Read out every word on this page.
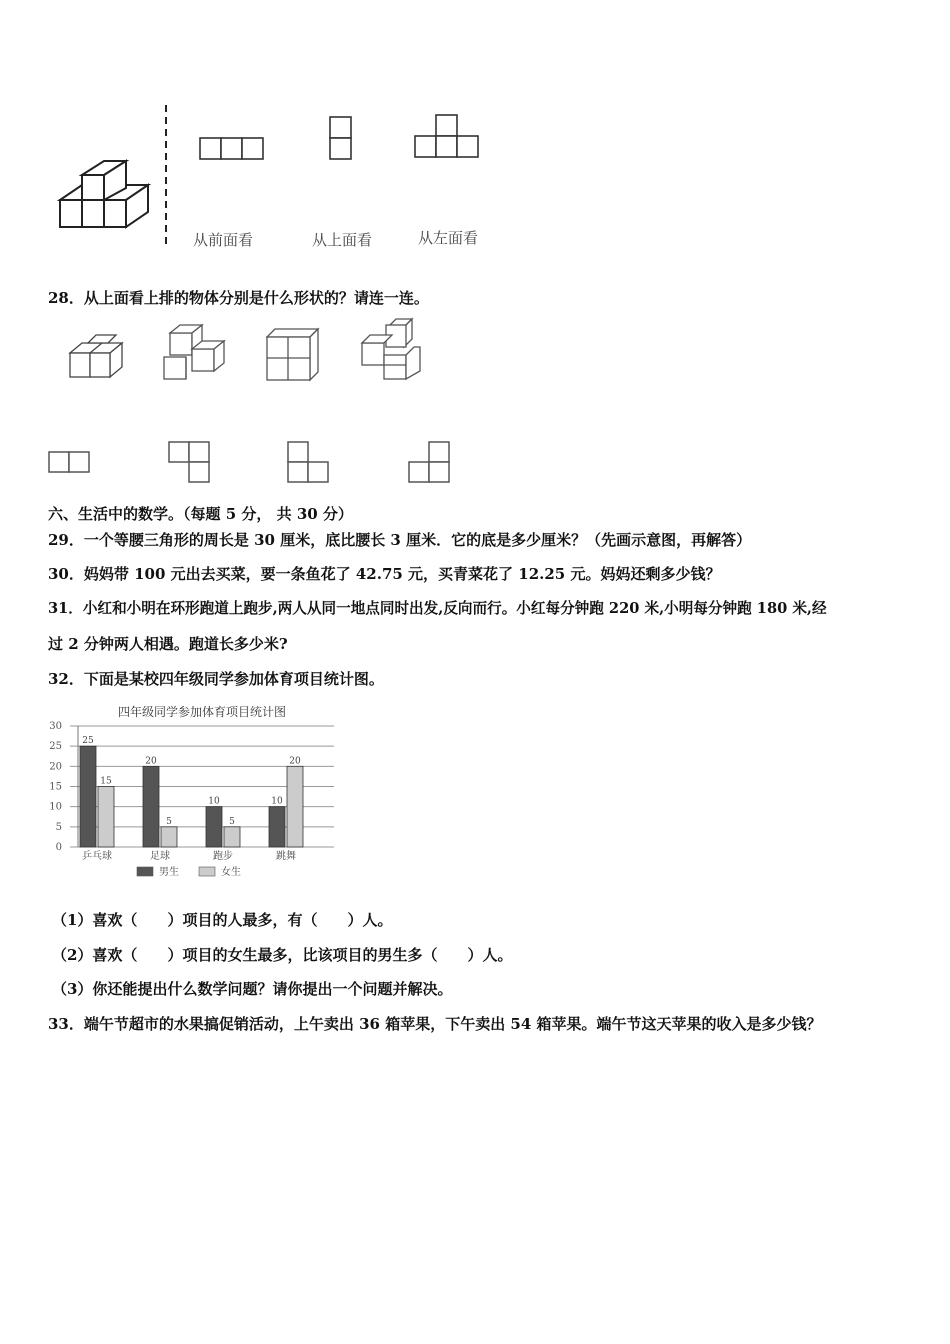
从前面看	从上面看	从左面看
28．从上面看上排的物体分别是什么形状的？请连一连。
六、生活中的数学。（每题 5 分， 共 30 分）
29．一个等腰三角形的周长是 30 厘米，底比腰长 3 厘米．它的底是多少厘米？（先画示意图，再解答）
30．妈妈带 100 元出去买菜，要一条鱼花了 42.75 元，买青菜花了 12.25 元。妈妈还剩多少钱？
31．小红和小明在环形跑道上跑步,两人从同一地点同时出发,反向而行。小红每分钟跑 220 米,小明每分钟跑 180 米,经
过 2 分钟两人相遇。跑道长多少米?
32．下面是某校四年级同学参加体育项目统计图。
四年级同学参加体育项目统计图
0
5
10
15
20
25
30
25
15
乒乓球
20
5
足球
10
5
跑步
10
20
跳舞
男生	女生
（1）喜欢（　　）项目的人最多，有（　　）人。
（2）喜欢（　　）项目的女生最多，比该项目的男生多（　　）人。
（3）你还能提出什么数学问题？请你提出一个问题并解决。
33．端午节超市的水果搞促销活动，上午卖出 36 箱苹果，下午卖出 54 箱苹果。端午节这天苹果的收入是多少钱？
